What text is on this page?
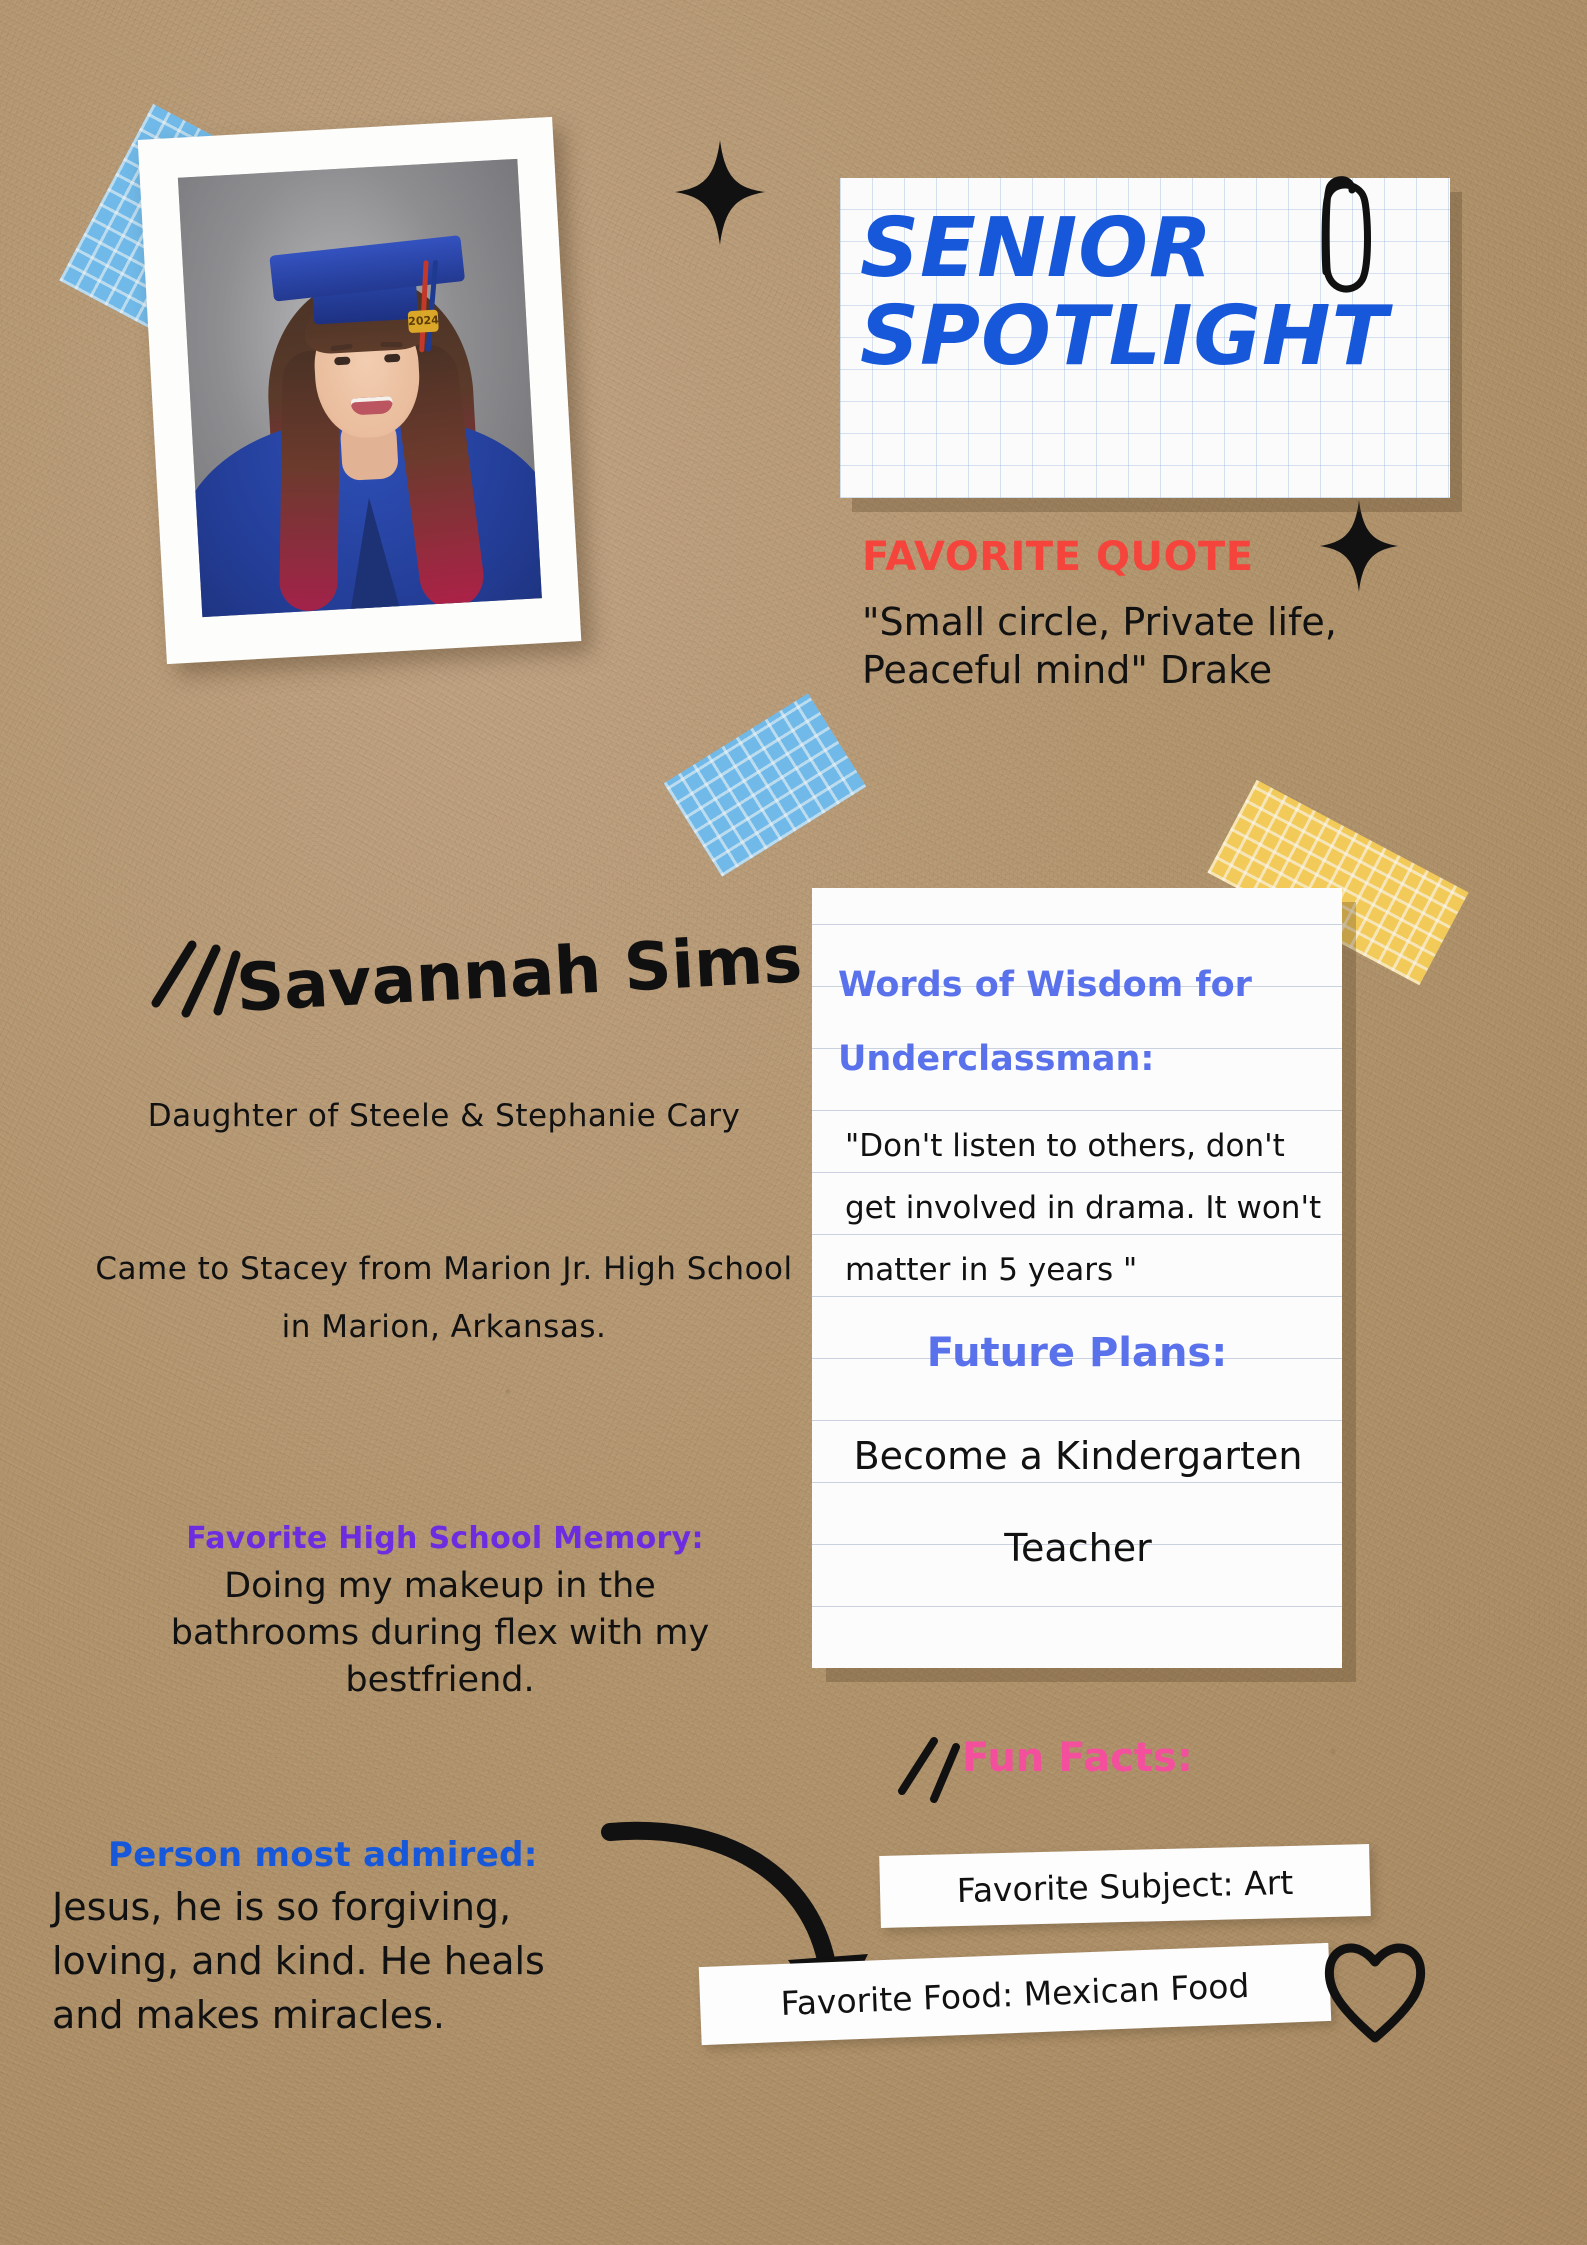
2024
SENIOR
SPOTLIGHT
FAVORITE QUOTE
"Small circle, Private life, Peaceful mind" Drake
Savannah Sims
Daughter of Steele & Stephanie Cary
Came to Stacey from Marion Jr. High School in Marion, Arkansas.
Favorite High School Memory:
Doing my makeup in the bathrooms during flex with my bestfriend.
Person most admired:
Jesus, he is so forgiving, loving, and kind. He heals and makes miracles.
Words of Wisdom for Underclassman:
"Don't listen to others, don't get involved in drama. It won't matter in 5 years "
Future Plans:
Become a Kindergarten Teacher
Fun Facts:
Favorite Subject: Art
Favorite Food: Mexican Food
